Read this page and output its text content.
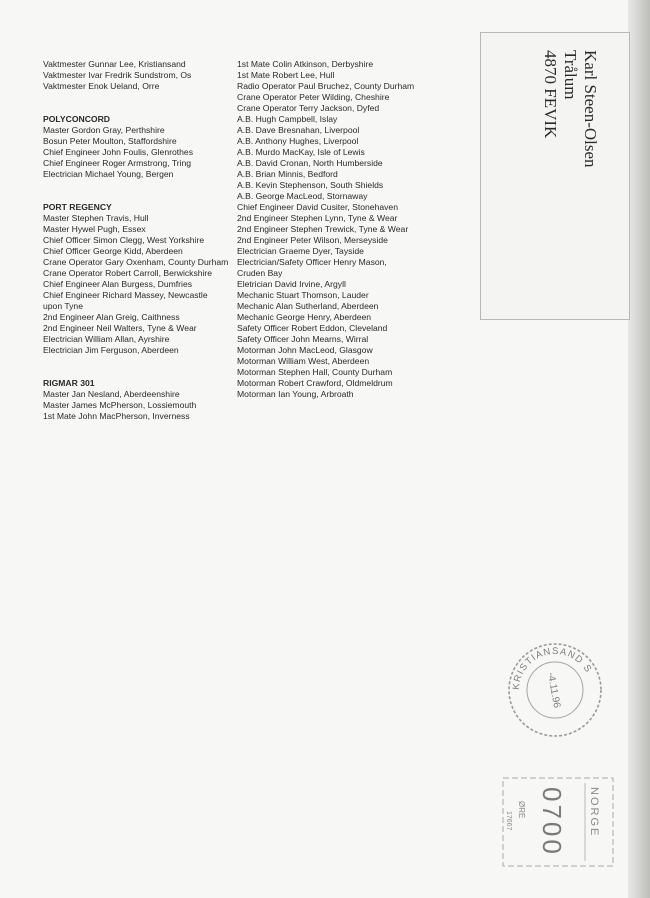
Vaktmester Gunnar Lee, Kristiansand
Vaktmester Ivar Fredrik Sundstrom, Os
Vaktmester Enok Ueland, Orre
POLYCONCORD
Master Gordon Gray, Perthshire
Bosun Peter Moulton, Staffordshire
Chief Engineer John Foulis, Glenrothes
Chief Engineer Roger Armstrong, Tring
Electrician Michael Young, Bergen
PORT REGENCY
Master Stephen Travis, Hull
Master Hywel Pugh, Essex
Chief Officer Simon Clegg, West Yorkshire
Chief Officer George Kidd, Aberdeen
Crane Operator Gary Oxenham, County Durham
Crane Operator Robert Carroll, Berwickshire
Chief Engineer Alan Burgess, Dumfries
Chief Engineer Richard Massey, Newcastle upon Tyne
2nd Engineer Alan Greig, Caithness
2nd Engineer Neil Walters, Tyne & Wear
Electrician William Allan, Ayrshire
Electrician Jim Ferguson, Aberdeen
RIGMAR 301
Master Jan Nesland, Aberdeenshire
Master James McPherson, Lossiemouth
1st Mate John MacPherson, Inverness
1st Mate Colin Atkinson, Derbyshire
1st Mate Robert Lee, Hull
Radio Operator Paul Bruchez, County Durham
Crane Operator Peter Wilding, Cheshire
Crane Operator Terry Jackson, Dyfed
A.B. Hugh Campbell, Islay
A.B. Dave Bresnahan, Liverpool
A.B. Anthony Hughes, Liverpool
A.B. Murdo MacKay, Isle of Lewis
A.B. David Cronan, North Humberside
A.B. Brian Minnis, Bedford
A.B. Kevin Stephenson, South Shields
A.B. George MacLeod, Stornaway
Chief Engineer David Cusiter, Stonehaven
2nd Engineer Stephen Lynn, Tyne & Wear
2nd Engineer Stephen Trewick, Tyne & Wear
2nd Engineer Peter Wilson, Merseyside
Electrician Graeme Dyer, Tayside
Electrician/Safety Officer Henry Mason,
Cruden Bay
Eletrician David Irvine, Argyll
Mechanic Stuart Thomson, Lauder
Mechanic Alan Sutherland, Aberdeen
Mechanic George Henry, Aberdeen
Safety Officer Robert Eddon, Cleveland
Safety Officer John Mearns, Wirral
Motorman John MacLeod, Glasgow
Motorman William West, Aberdeen
Motorman Stephen Hall, County Durham
Motorman Robert Crawford, Oldmeldrum
Motorman Ian Young, Arbroath
Karl Steen-Olsen
Trålum
4870 FEVIK
KRISTIANSAND S
-4.11.96
NORGE
0700
ØRE
17667
